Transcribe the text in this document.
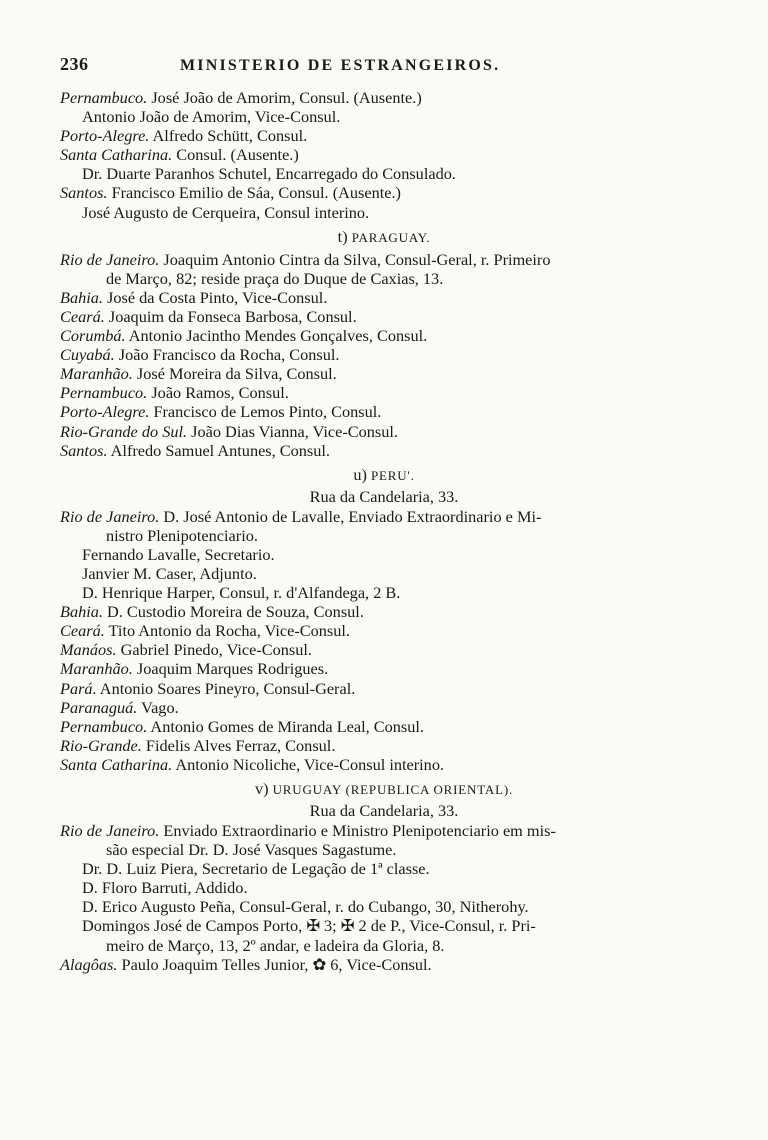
236	MINISTERIO DE ESTRANGEIROS.
Pernambuco. José João de Amorim, Consul. (Ausente.)
Antonio João de Amorim, Vice-Consul.
Porto-Alegre. Alfredo Schütt, Consul.
Santa Catharina. Consul. (Ausente.)
Dr. Duarte Paranhos Schutel, Encarregado do Consulado.
Santos. Francisco Emilio de Sáa, Consul. (Ausente.)
José Augusto de Cerqueira, Consul interino.
t) PARAGUAY.
Rio de Janeiro. Joaquim Antonio Cintra da Silva, Consul-Geral, r. Primeiro
de Março, 82; reside praça do Duque de Caxias, 13.
Bahia. José da Costa Pinto, Vice-Consul.
Ceará. Joaquim da Fonseca Barbosa, Consul.
Corumbá. Antonio Jacintho Mendes Gonçalves, Consul.
Cuyabá. João Francisco da Rocha, Consul.
Maranhão. José Moreira da Silva, Consul.
Pernambuco. João Ramos, Consul.
Porto-Alegre. Francisco de Lemos Pinto, Consul.
Rio-Grande do Sul. João Dias Vianna, Vice-Consul.
Santos. Alfredo Samuel Antunes, Consul.
u) PERU'.
Rua da Candelaria, 33.
Rio de Janeiro. D. José Antonio de Lavalle, Enviado Extraordinario e Mi-
nistro Plenipotenciario.
Fernando Lavalle, Secretario.
Janvier M. Caser, Adjunto.
D. Henrique Harper, Consul, r. d'Alfandega, 2 B.
Bahia. D. Custodio Moreira de Souza, Consul.
Ceará. Tito Antonio da Rocha, Vice-Consul.
Manáos. Gabriel Pinedo, Vice-Consul.
Maranhão. Joaquim Marques Rodrigues.
Pará. Antonio Soares Pineyro, Consul-Geral.
Paranaguá. Vago.
Pernambuco. Antonio Gomes de Miranda Leal, Consul.
Rio-Grande. Fidelis Alves Ferraz, Consul.
Santa Catharina. Antonio Nicoliche, Vice-Consul interino.
v) URUGUAY (REPUBLICA ORIENTAL).
Rua da Candelaria, 33.
Rio de Janeiro. Enviado Extraordinario e Ministro Plenipotenciario em mis-
são especial Dr. D. José Vasques Sagastume.
Dr. D. Luiz Piera, Secretario de Legação de 1ª classe.
D. Floro Barruti, Addido.
D. Erico Augusto Peña, Consul-Geral, r. do Cubango, 30, Nitherohy.
Domingos José de Campos Porto, ✠ 3; ✠ 2 de P., Vice-Consul, r. Pri-
meiro de Março, 13, 2º andar, e ladeira da Gloria, 8.
Alagôas. Paulo Joaquim Telles Junior, ✿ 6, Vice-Consul.
